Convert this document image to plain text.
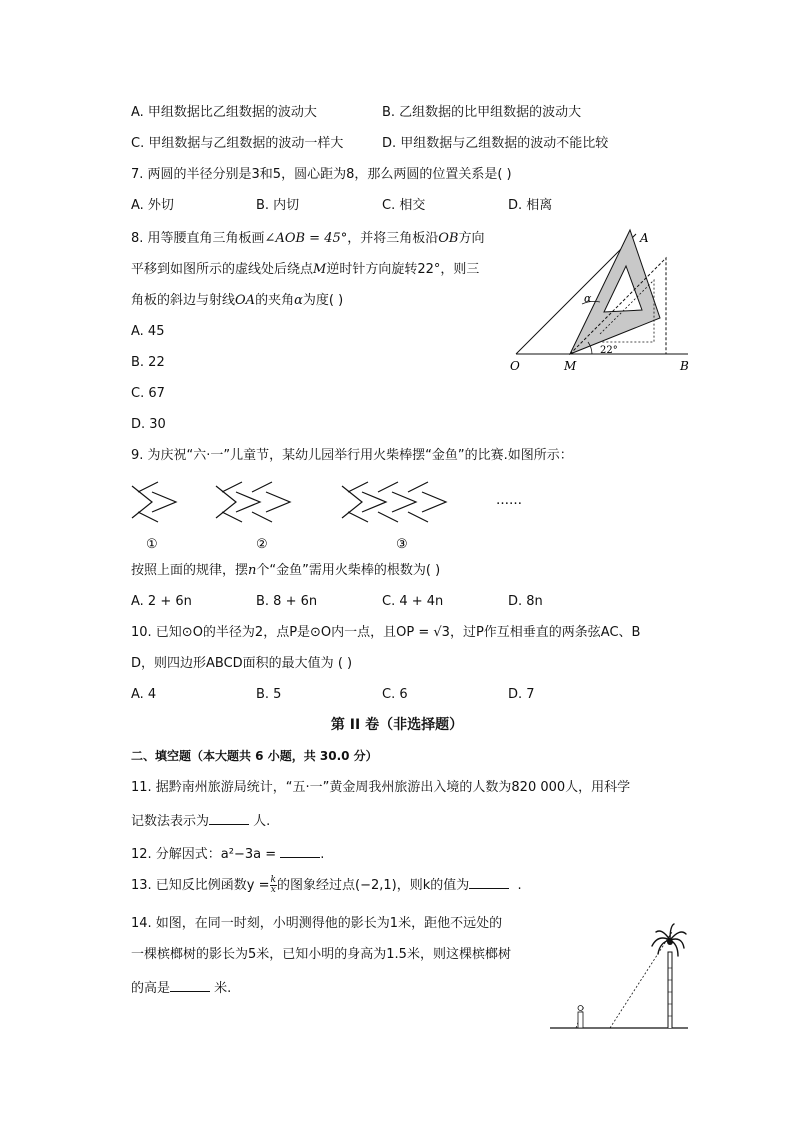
A. 甲组数据比乙组数据的波动大	B. 乙组数据的比甲组数据的波动大
C. 甲组数据与乙组数据的波动一样大	D. 甲组数据与乙组数据的波动不能比较
7. 两圆的半径分别是3和5，圆心距为8，那么两圆的位置关系是( )
A. 外切	B. 内切	C. 相交	D. 相离
8. 用等腰直角三角板画∠AOB = 45°，并将三角板沿OB方向
平移到如图所示的虚线处后绕点M逆时针方向旋转22°，则三
角板的斜边与射线OA的夹角α为度( )
A. 45
B. 22
C. 67
D. 30
A
O	M	B
α
22°
9. 为庆祝“六·一”儿童节，某幼儿园举行用火柴棒摆“金鱼”的比赛.如图所示：
①	②	③
……
按照上面的规律，摆n个“金鱼”需用火柴棒的根数为( )
A. 2 + 6n	B. 8 + 6n	C. 4 + 4n	D. 8n
10. 已知⊙O的半径为2，点P是⊙O内一点，且OP = √3，过P作互相垂直的两条弦AC、B
D，则四边形ABCD面积的最大值为 ( )
A. 4	B. 5	C. 6	D. 7
第 II 卷（非选择题）
二、填空题（本大题共 6 小题，共 30.0 分）
11. 据黔南州旅游局统计，“五·一”黄金周我州旅游出入境的人数为820 000人，用科学
记数法表示为	人.
12. 分解因式：a²−3a =	.
13. 已知反比例函数$y = \frac{k}{x}$ 的图象经过点(−2,1)，则k的值为	.
14. 如图，在同一时刻，小明测得他的影长为1米，距他不远处的
一棵槟榔树的影长为5米，已知小明的身高为1.5米，则这棵槟榔树
的高是	米.
